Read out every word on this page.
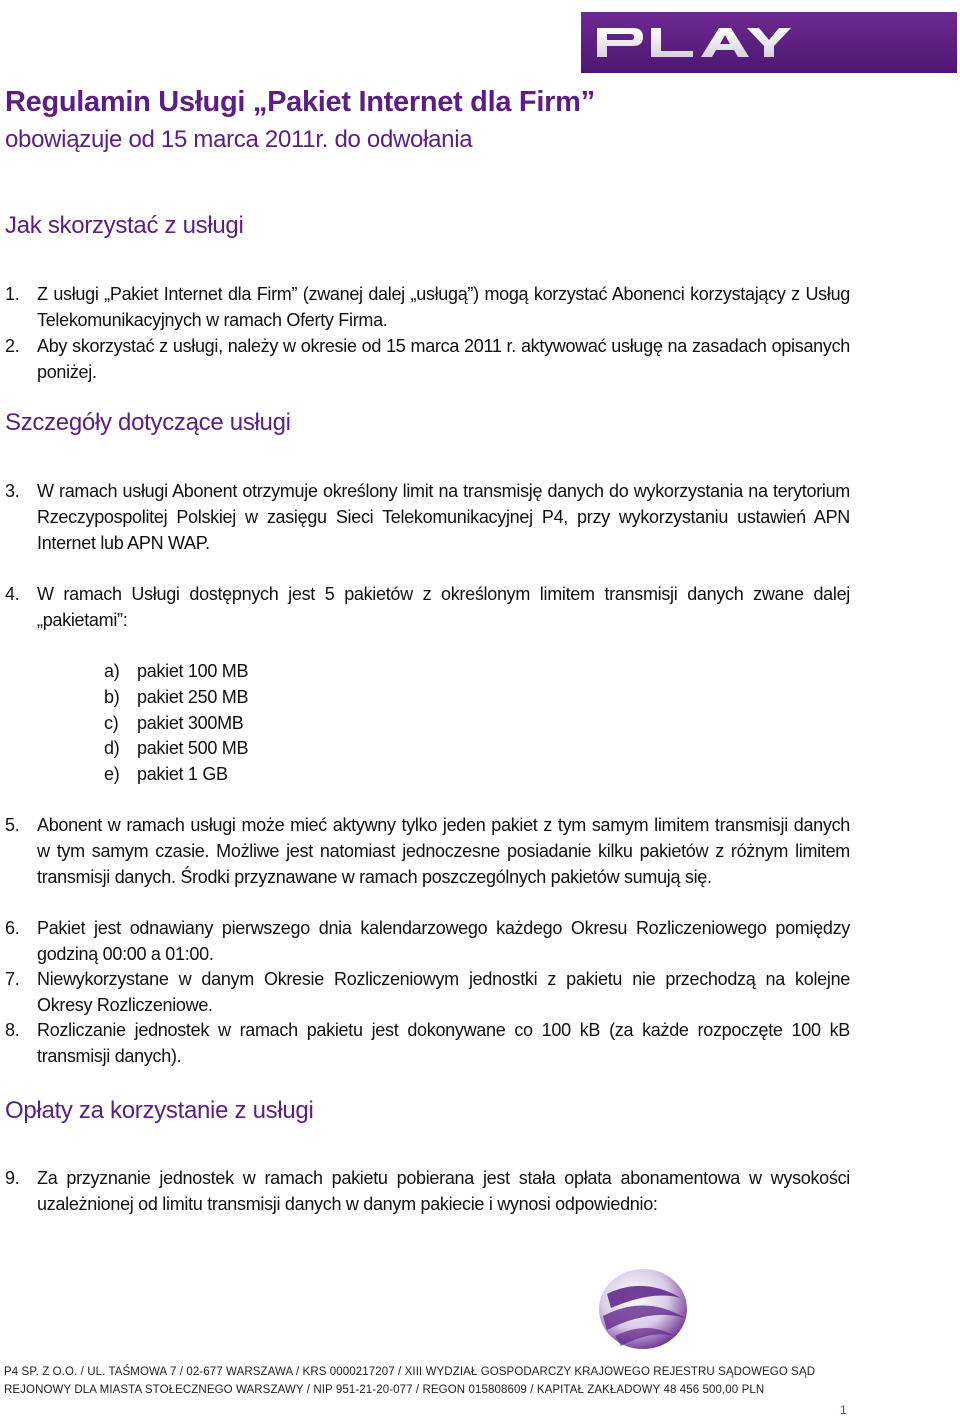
Regulamin Usługi „Pakiet Internet dla Firm”
obowiązuje od 15 marca 2011r. do odwołania
Jak skorzystać z usługi
1. Z usługi „Pakiet Internet dla Firm” (zwanej dalej „usługą”) mogą korzystać Abonenci korzystający z Usług Telekomunikacyjnych w ramach Oferty Firma.
2. Aby skorzystać z usługi, należy w okresie od 15 marca 2011 r. aktywować usługę na zasadach opisanych poniżej.
Szczegóły dotyczące usługi
3. W ramach usługi Abonent otrzymuje określony limit na transmisję danych do wykorzystania na terytorium Rzeczypospolitej Polskiej w zasięgu Sieci Telekomunikacyjnej P4, przy wykorzystaniu ustawień APN Internet lub APN WAP.
4. W ramach Usługi dostępnych jest 5 pakietów z określonym limitem transmisji danych zwane dalej „pakietami”:
a) pakiet 100 MB
b) pakiet 250 MB
c)	pakiet 300MB
d) pakiet 500 MB
e) pakiet 1 GB
5. Abonent w ramach usługi może mieć aktywny tylko jeden pakiet z tym samym limitem transmisji danych w tym samym czasie. Możliwe jest natomiast jednoczesne posiadanie kilku pakietów z różnym limitem transmisji danych. Środki przyznawane w ramach poszczególnych pakietów sumują się.
6. Pakiet jest odnawiany pierwszego dnia kalendarzowego każdego Okresu Rozliczeniowego pomiędzy godziną 00:00 a 01:00.
7. Niewykorzystane w danym Okresie Rozliczeniowym jednostki z pakietu nie przechodzą na kolejne Okresy Rozliczeniowe.
8. Rozliczanie jednostek w ramach pakietu jest dokonywane co 100 kB (za każde rozpoczęte 100 kB transmisji danych).
Opłaty za korzystanie z usługi
9. Za przyznanie jednostek w ramach pakietu pobierana jest stała opłata abonamentowa w wysokości uzależnionej od limitu transmisji danych w danym pakiecie i wynosi odpowiednio:
P4 SP. Z O.O. / UL. TAŚMOWA 7 / 02-677 WARSZAWA / KRS 0000217207 / XIII WYDZIAŁ GOSPODARCZY KRAJOWEGO REJESTRU SĄDOWEGO SĄD
REJONOWY DLA MIASTA STOŁECZNEGO WARSZAWY / NIP 951-21-20-077 / REGON 015808609 / KAPITAŁ ZAKŁADOWY 48 456 500,00 PLN
1
